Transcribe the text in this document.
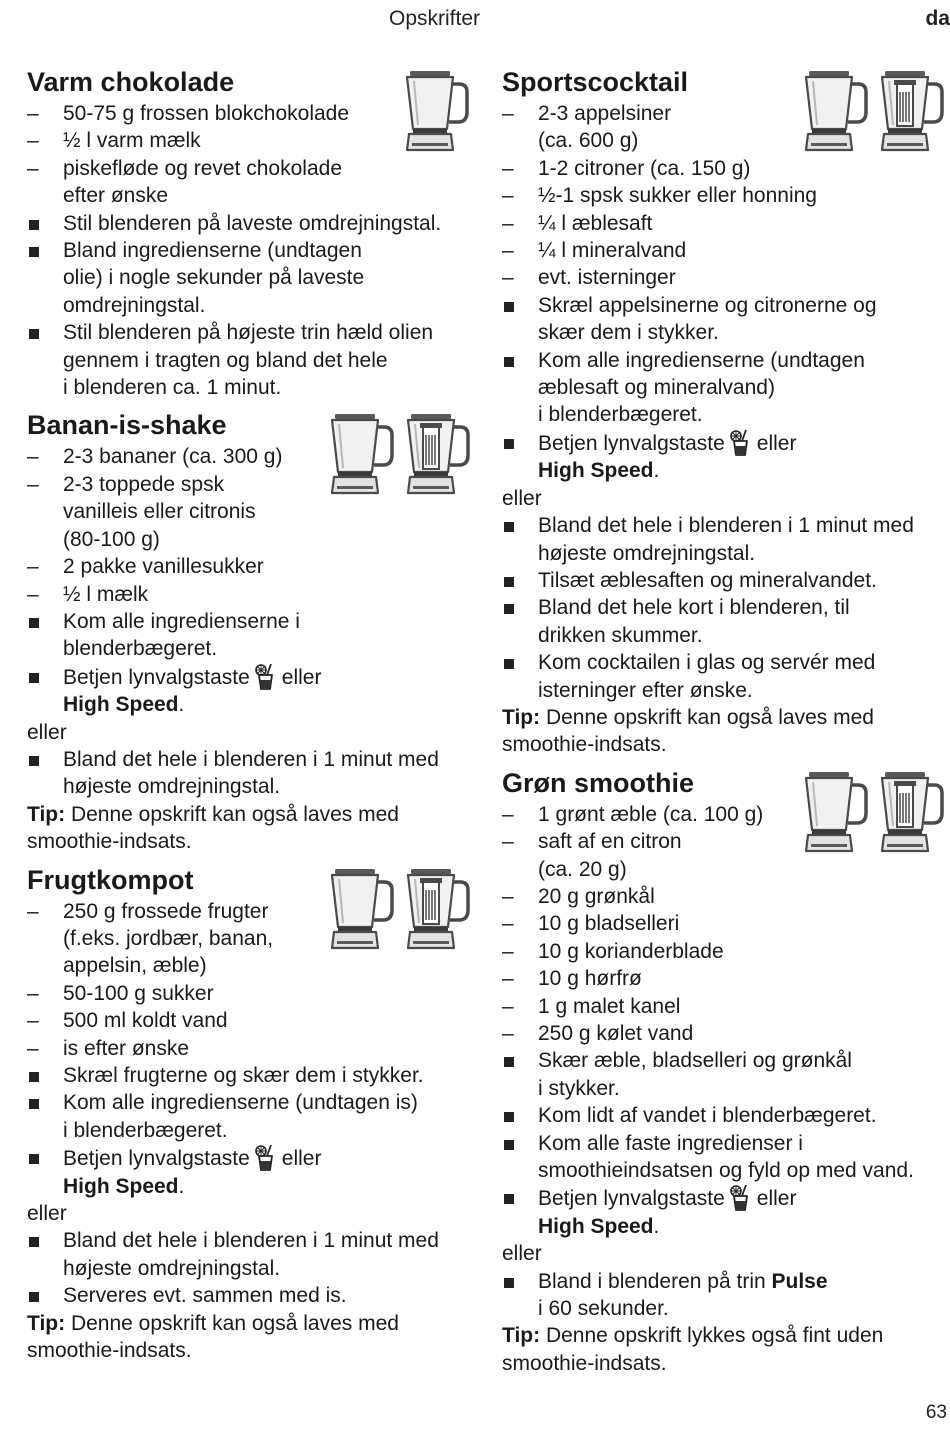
Opskrifter	da
Varm chokolade
–	50-75 g frossen blokchokolade
–	½ l varm mælk
–	piskefløde og revet chokolade
efter ønske
Stil blenderen på laveste omdrejningstal.
Bland ingredienserne (undtagen
olie) i nogle sekunder på laveste
omdrejningstal.
Stil blenderen på højeste trin hæld olien
gennem i tragten og bland det hele
i blenderen ca. 1 minut.
Banan-is-shake
–	2-3 bananer (ca. 300 g)
–	2-3 toppede spsk
vanilleis eller citronis
(80-100 g)
–	2 pakke vanillesukker
–	½ l mælk
Kom alle ingredienserne i
blenderbægeret.
Betjen lynvalgstaste eller
High Speed.
eller
Bland det hele i blenderen i 1 minut med
højeste omdrejningstal.
Tip: Denne opskrift kan også laves med
smoothie-indsats.
Frugtkompot
–	250 g frossede frugter
(f.eks. jordbær, banan,
appelsin, æble)
–	50-100 g sukker
–	500 ml koldt vand
–	is efter ønske
Skræl frugterne og skær dem i stykker.
Kom alle ingredienserne (undtagen is)
i blenderbægeret.
Betjen lynvalgstaste eller
High Speed.
eller
Bland det hele i blenderen i 1 minut med
højeste omdrejningstal.
Serveres evt. sammen med is.
Tip: Denne opskrift kan også laves med
smoothie-indsats.
Sportscocktail
–	2-3 appelsiner
(ca. 600 g)
–	1-2 citroner (ca. 150 g)
–	½-1 spsk sukker eller honning
–	¼ l æblesaft
–	¼ l mineralvand
–	evt. isterninger
Skræl appelsinerne og citronerne og
skær dem i stykker.
Kom alle ingredienserne (undtagen
æblesaft og mineralvand)
i blenderbægeret.
Betjen lynvalgstaste eller
High Speed.
eller
Bland det hele i blenderen i 1 minut med
højeste omdrejningstal.
Tilsæt æblesaften og mineralvandet.
Bland det hele kort i blenderen, til
drikken skummer.
Kom cocktailen i glas og servér med
isterninger efter ønske.
Tip: Denne opskrift kan også laves med
smoothie-indsats.
Grøn smoothie
–	1 grønt æble (ca. 100 g)
–	saft af en citron
(ca. 20 g)
–	20 g grønkål
–	10 g bladselleri
–	10 g korianderblade
–	10 g hørfrø
–	1 g malet kanel
–	250 g kølet vand
Skær æble, bladselleri og grønkål
i stykker.
Kom lidt af vandet i blenderbægeret.
Kom alle faste ingredienser i
smoothieindsatsen og fyld op med vand.
Betjen lynvalgstaste eller
High Speed.
eller
Bland i blenderen på trin Pulse
i 60 sekunder.
Tip: Denne opskrift lykkes også fint uden
smoothie-indsats.
63
